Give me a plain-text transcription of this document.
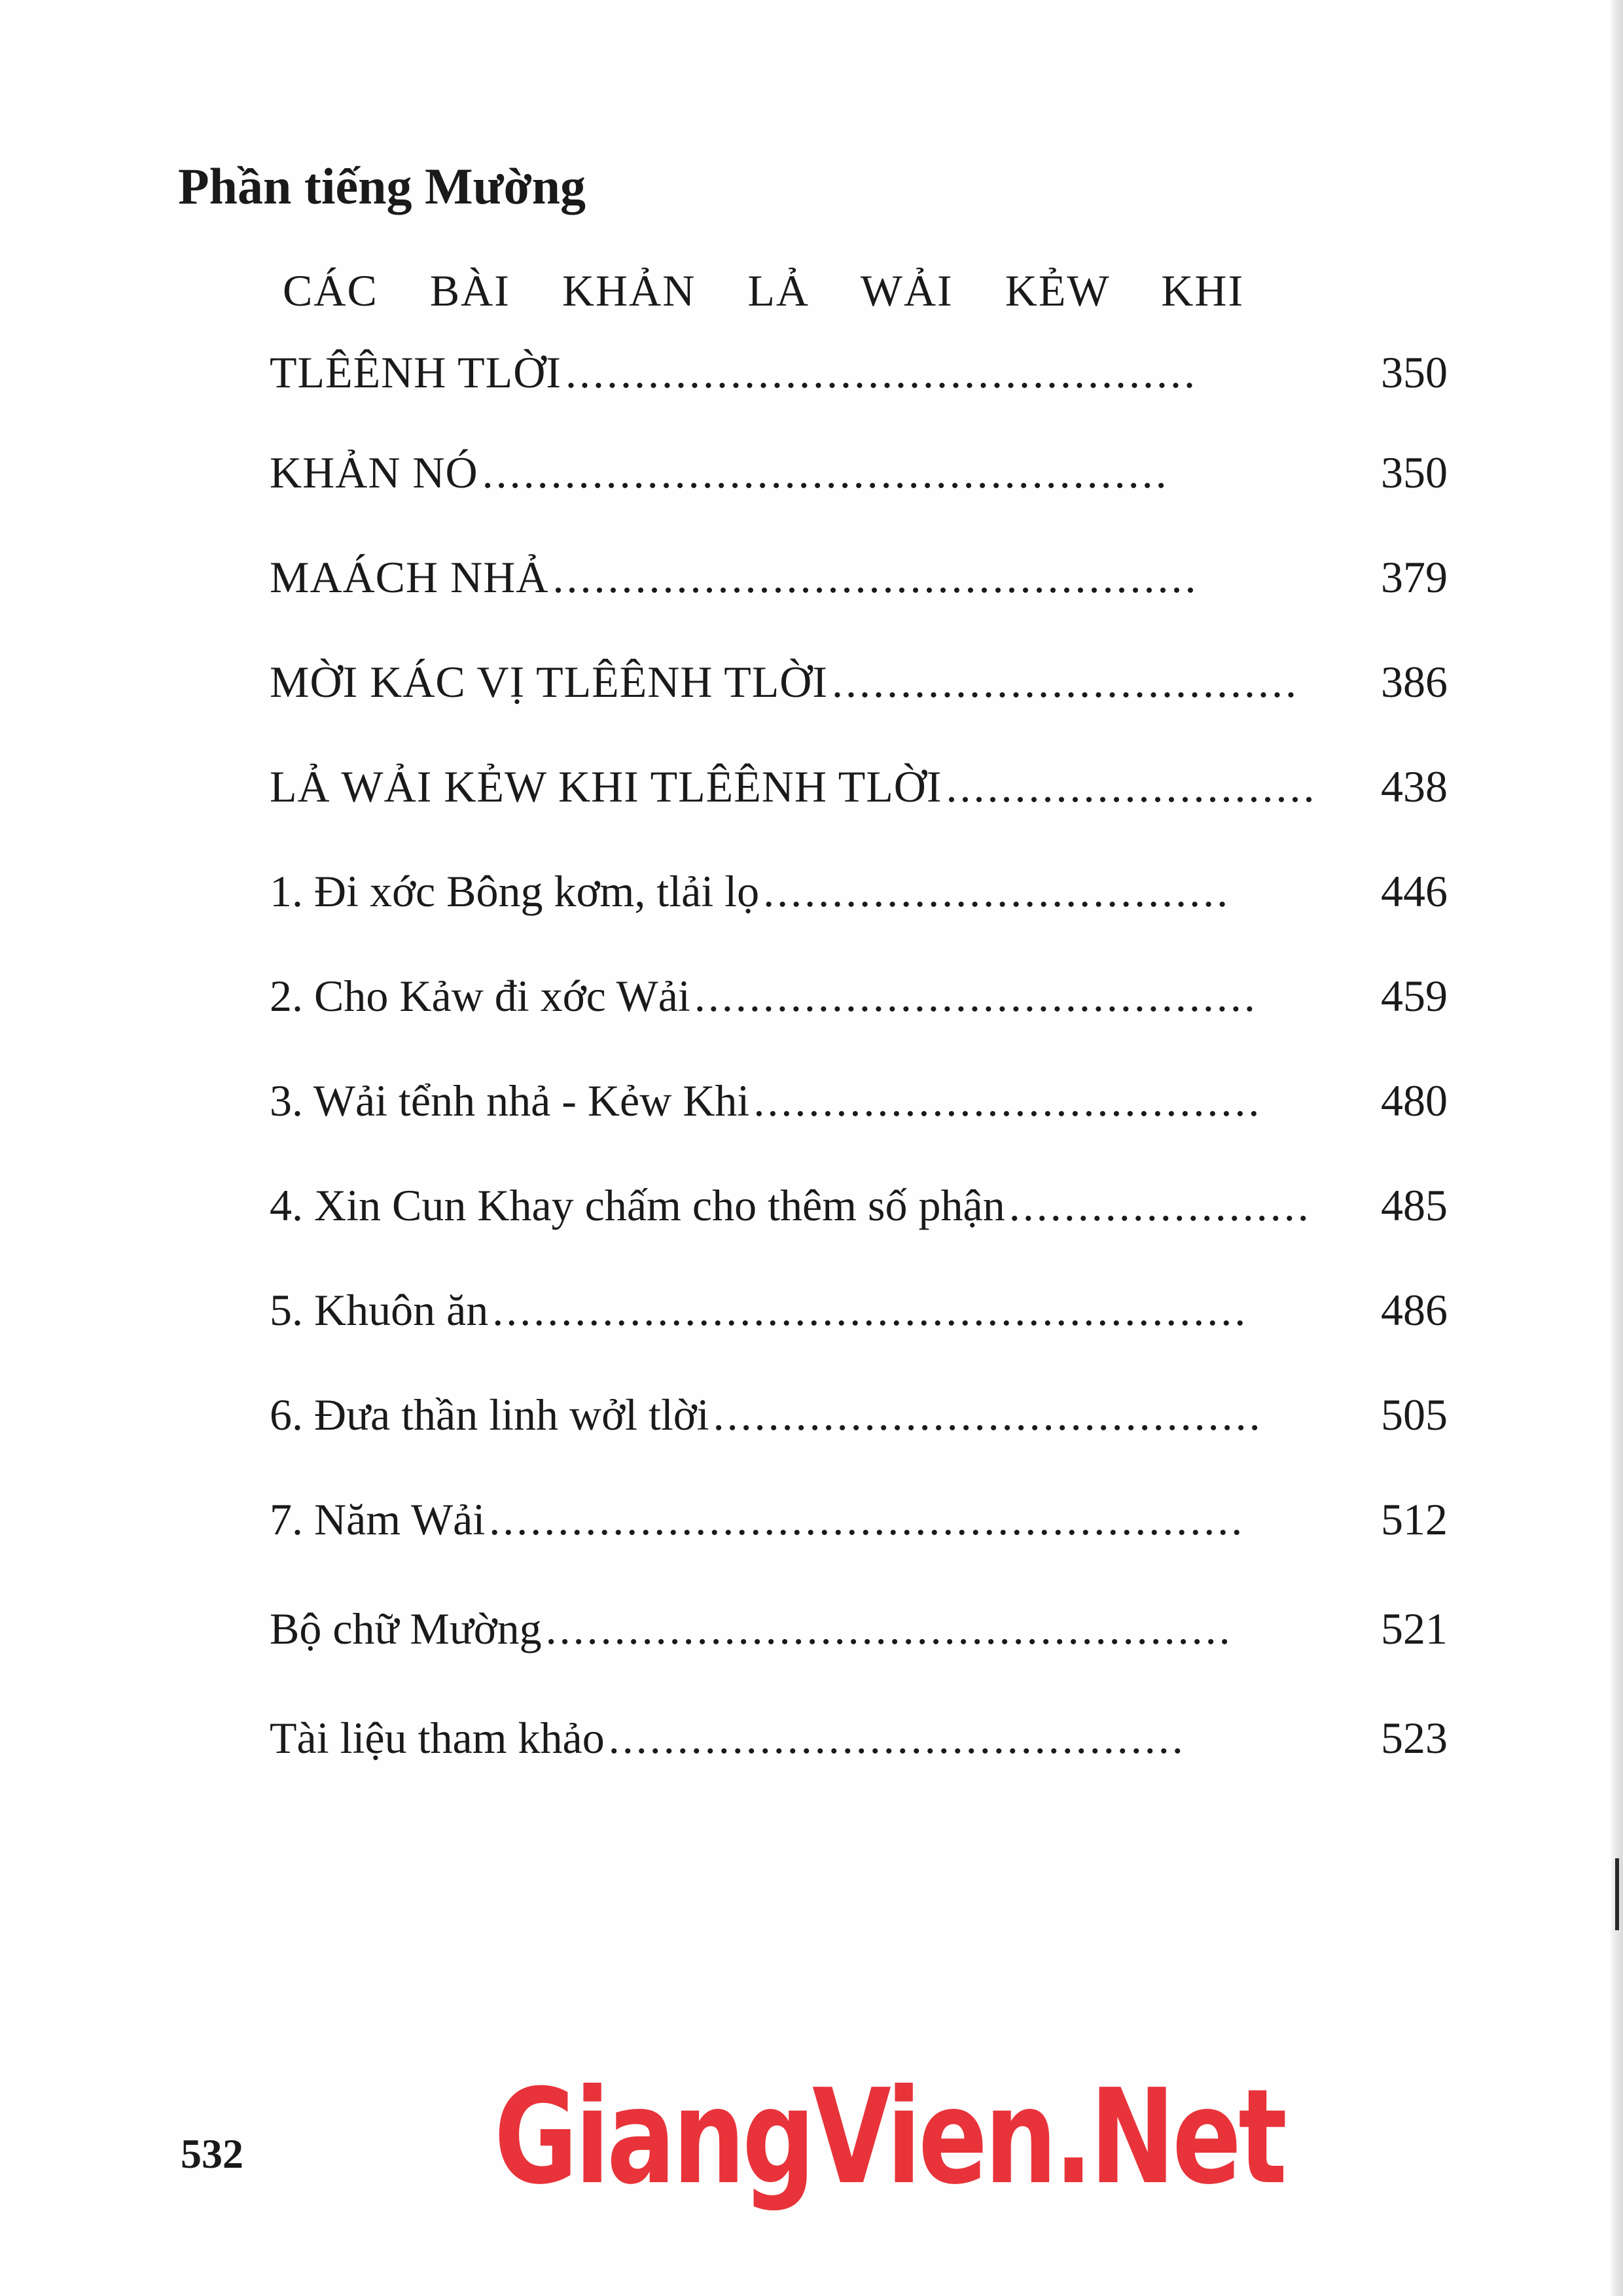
Phần tiếng Mường
CÁC BÀI KHẢN LẢ WẢI KẺW KHI
TLÊÊNH TLỜI ..............................................	350
KHẢN NÓ ..................................................	350
MAÁCH NHẢ ...............................................	379
MỜI KÁC VỊ TLÊÊNH TLỜI ..................................	386
LẢ WẢI KẺW KHI TLÊÊNH TLỜI ...........................	438
1. Đi xớc Bông kơm, tlải lọ ..................................	446
2. Cho Kảw đi xớc Wải .........................................	459
3. Wải tểnh nhả - Kẻw Khi .....................................	480
4. Xin Cun Khay chấm cho thêm số phận ......................	485
5. Khuôn ăn .......................................................	486
6. Đưa thần linh wởl tlời ........................................	505
7. Năm Wải .......................................................	512
Bộ chữ Mường ..................................................	521
Tài liệu tham khảo ..........................................	523
532 GiangVien.Net
